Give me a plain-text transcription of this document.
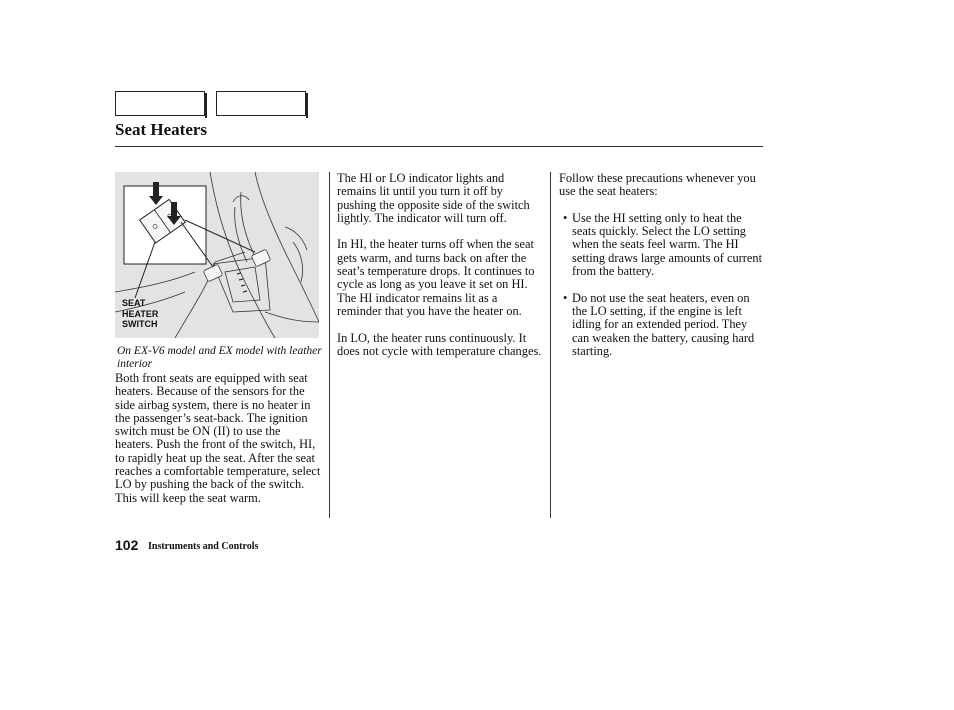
Seat Heaters
SEAT
HEATER
SWITCH

On EX-V6 model and EX model with leather interior

Both front seats are equipped with seat heaters. Because of the sensors for the side airbag system, there is no heater in the passenger’s seat-back. The ignition switch must be ON (II) to use the heaters. Push the front of the switch, HI, to rapidly heat up the seat. After the seat reaches a comfortable temperature, select LO by pushing the back of the switch. This will keep the seat warm.

The HI or LO indicator lights and remains lit until you turn it off by pushing the opposite side of the switch lightly. The indicator will turn off.

In HI, the heater turns off when the seat gets warm, and turns back on after the seat’s temperature drops. It continues to cycle as long as you leave it set on HI. The HI indicator remains lit as a reminder that you have the heater on.

In LO, the heater runs continuously. It does not cycle with temperature changes.

Follow these precautions whenever you use the seat heaters:

• Use the HI setting only to heat the seats quickly. Select the LO setting when the seats feel warm. The HI setting draws large amounts of current from the battery.
• Do not use the seat heaters, even on the LO setting, if the engine is left idling for an extended period. They can weaken the battery, causing hard starting.
102 Instruments and Controls
